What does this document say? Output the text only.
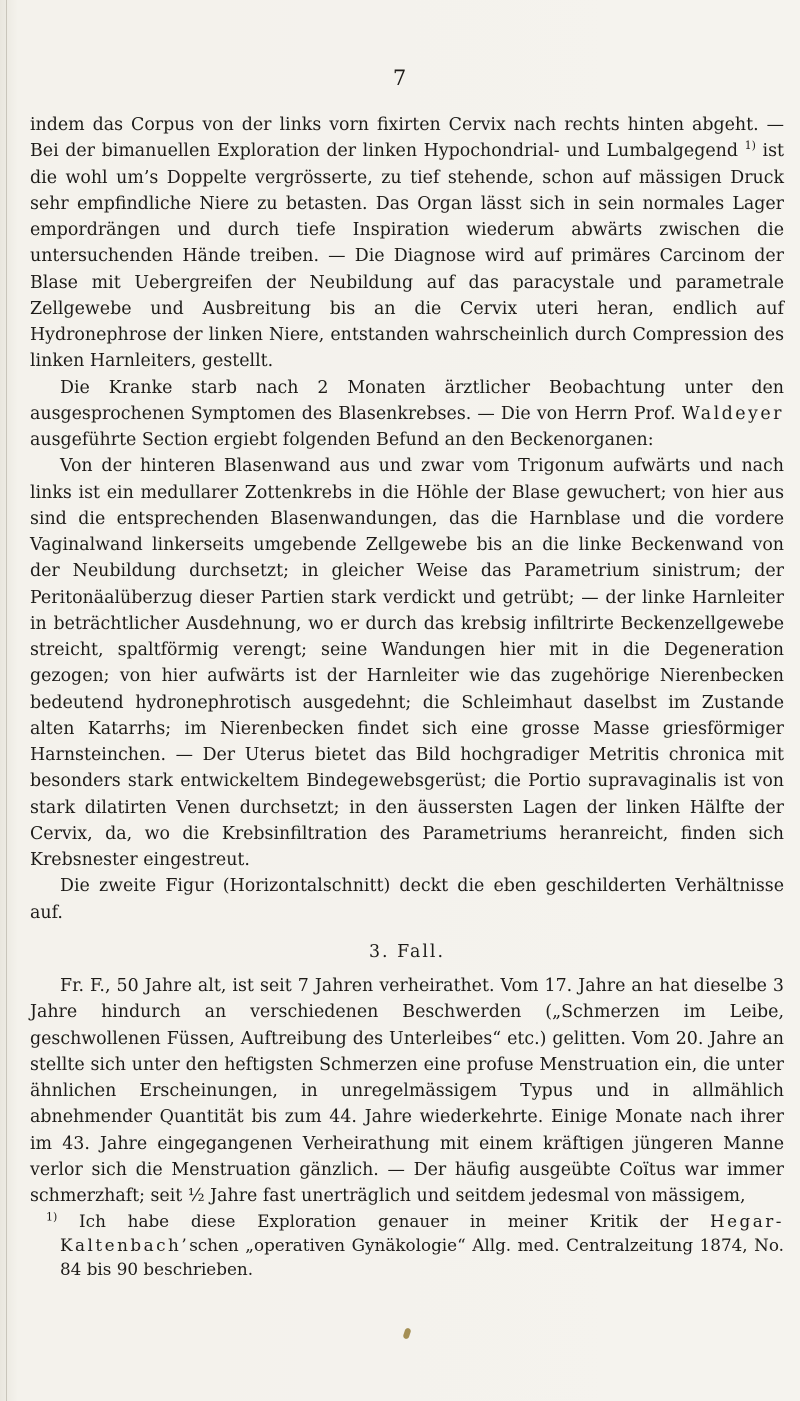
7

indem das Corpus von der links vorn fixirten Cervix nach rechts hinten abgeht. — Bei der bimanuellen Exploration der linken Hypochondrial- und Lumbalgegend $^{1)}$ ist die wohl um’s Doppelte vergrösserte, zu tief stehende, schon auf mässigen Druck sehr empfindliche Niere zu betasten. Das Organ lässt sich in sein normales Lager empordrängen und durch tiefe Inspiration wiederum abwärts zwischen die untersuchenden Hände treiben. — Die Diagnose wird auf primäres Carcinom der Blase mit Uebergreifen der Neubildung auf das paracystale und parametrale Zellgewebe und Ausbreitung bis an die Cervix uteri heran, endlich auf Hydronephrose der linken Niere, entstanden wahrscheinlich durch Compression des linken Harnleiters, gestellt.

Die Kranke starb nach 2 Monaten ärztlicher Beobachtung unter den ausgesprochenen Symptomen des Blasenkrebses. — Die von Herrn Prof. Waldeyer ausgeführte Section ergiebt folgenden Befund an den Beckenorganen:

Von der hinteren Blasenwand aus und zwar vom Trigonum aufwärts und nach links ist ein medullarer Zottenkrebs in die Höhle der Blase gewuchert; von hier aus sind die entsprechenden Blasenwandungen, das die Harnblase und die vordere Vaginalwand linkerseits umgebende Zellgewebe bis an die linke Beckenwand von der Neubildung durchsetzt; in gleicher Weise das Parametrium sinistrum; der Peritonäalüberzug dieser Partien stark verdickt und getrübt; — der linke Harnleiter in beträchtlicher Ausdehnung, wo er durch das krebsig infiltrirte Beckenzellgewebe streicht, spaltförmig verengt; seine Wandungen hier mit in die Degeneration gezogen; von hier aufwärts ist der Harnleiter wie das zugehörige Nierenbecken bedeutend hydronephrotisch ausgedehnt; die Schleimhaut daselbst im Zustande alten Katarrhs; im Nierenbecken findet sich eine grosse Masse griesförmiger Harnsteinchen. — Der Uterus bietet das Bild hochgradiger Metritis chronica mit besonders stark entwickeltem Bindegewebsgerüst; die Portio supravaginalis ist von stark dilatirten Venen durchsetzt; in den äussersten Lagen der linken Hälfte der Cervix, da, wo die Krebsinfiltration des Parametriums heranreicht, finden sich Krebsnester eingestreut.

Die zweite Figur (Horizontalschnitt) deckt die eben geschilderten Verhältnisse auf.

3. Fall.

Fr. F., 50 Jahre alt, ist seit 7 Jahren verheirathet. Vom 17. Jahre an hat dieselbe 3 Jahre hindurch an verschiedenen Beschwerden („Schmerzen im Leibe, geschwollenen Füssen, Auftreibung des Unterleibes“ etc.) gelitten. Vom 20. Jahre an stellte sich unter den heftigsten Schmerzen eine profuse Menstruation ein, die unter ähnlichen Erscheinungen, in unregelmässigem Typus und in allmählich abnehmender Quantität bis zum 44. Jahre wiederkehrte. Einige Monate nach ihrer im 43. Jahre eingegangenen Verheirathung mit einem kräftigen jüngeren Manne verlor sich die Menstruation gänzlich. — Der häufig ausgeübte Coïtus war immer schmerzhaft; seit ½ Jahre fast unerträglich und seitdem jedesmal von mässigem,

$^{1)}$ Ich habe diese Exploration genauer in meiner Kritik der Hegar-Kaltenbach’schen „operativen Gynäkologie“ Allg. med. Centralzeitung 1874, No. 84 bis 90 beschrieben.
